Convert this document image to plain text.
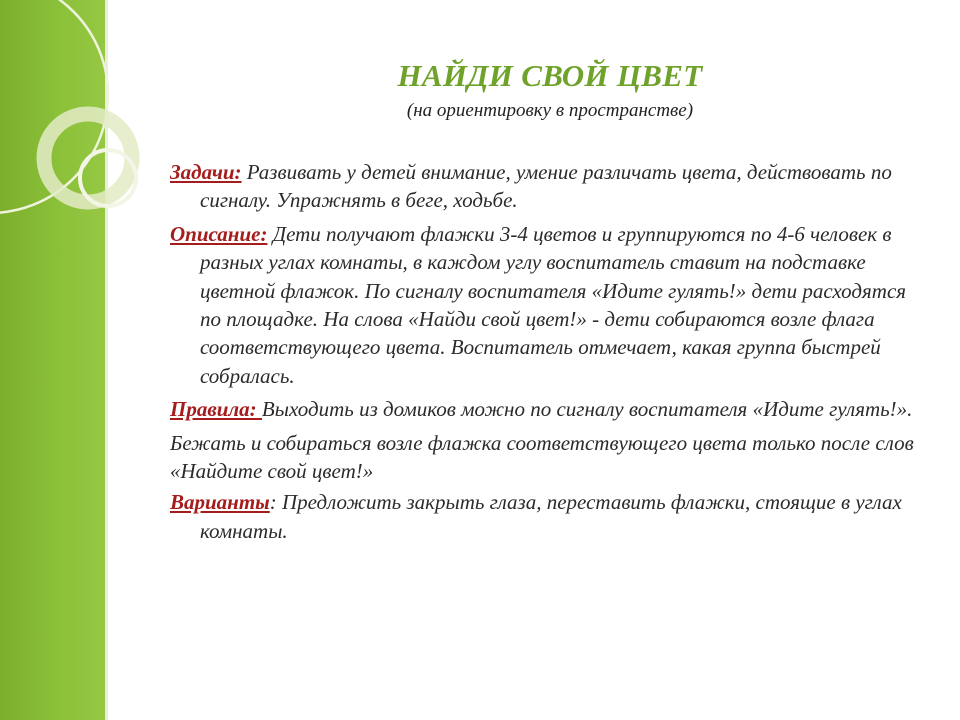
НАЙДИ СВОЙ ЦВЕТ
(на ориентировку в пространстве)

Задачи: Развивать у детей внимание, умение различать цвета, действовать по сигналу. Упражнять в беге, ходьбе.

Описание: Дети получают флажки 3-4 цветов и группируются по 4-6 человек в разных углах комнаты, в каждом углу воспитатель ставит на подставке цветной флажок. По сигналу воспитателя «Идите гулять!» дети расходятся по площадке. На слова «Найди свой цвет!» - дети собираются возле флага соответствующего цвета. Воспитатель отмечает, какая группа быстрей собралась.

Правила: Выходить из домиков можно по сигналу воспитателя «Идите гулять!».

Бежать и собираться возле флажка соответствующего цвета только после слов «Найдите свой цвет!»

Варианты: Предложить закрыть глаза, переставить флажки, стоящие в углах комнаты.
